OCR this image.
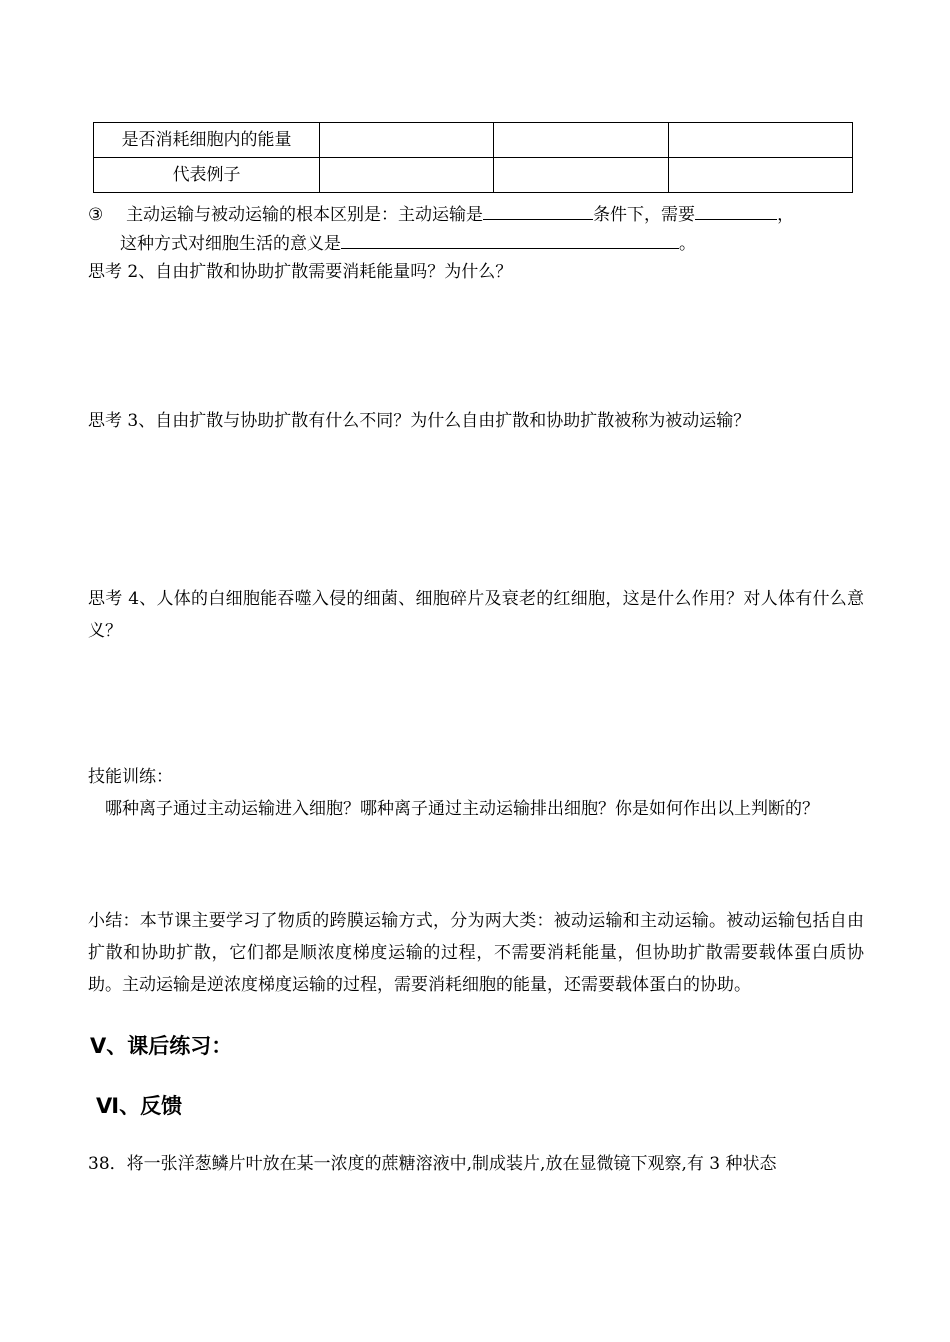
是否消耗细胞内的能量			
代表例子			
③ 主动运输与被动运输的根本区别是：主动运输是	条件下，需要	，
这种方式对细胞生活的意义是	。
思考 2、自由扩散和协助扩散需要消耗能量吗？为什么？
思考 3、自由扩散与协助扩散有什么不同？为什么自由扩散和协助扩散被称为被动运输？
思考 4、人体的白细胞能吞噬入侵的细菌、细胞碎片及衰老的红细胞，这是什么作用？对人体有什么意义？
技能训练：
哪种离子通过主动运输进入细胞？哪种离子通过主动运输排出细胞？你是如何作出以上判断的？
小结：本节课主要学习了物质的跨膜运输方式，分为两大类：被动运输和主动运输。被动运输包括自由扩散和协助扩散，它们都是顺浓度梯度运输的过程，不需要消耗能量，但协助扩散需要载体蛋白质协助。主动运输是逆浓度梯度运输的过程，需要消耗细胞的能量，还需要载体蛋白的协助。
Ⅴ、课后练习：
Ⅵ、反馈
38．将一张洋葱鳞片叶放在某一浓度的蔗糖溶液中,制成装片,放在显微镜下观察,有 3 种状态
